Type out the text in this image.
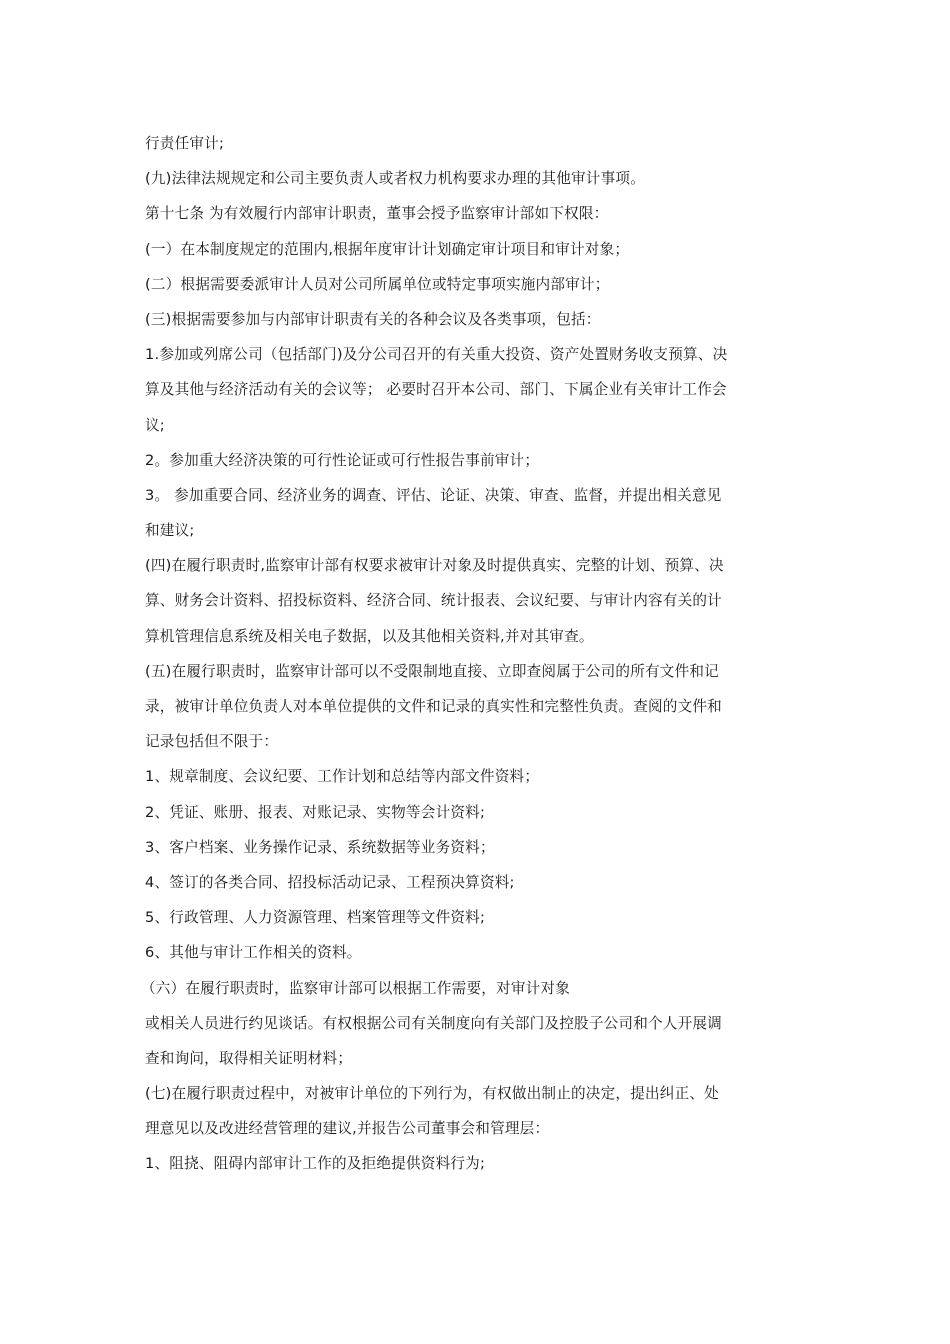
行责任审计;
(九)法律法规规定和公司主要负责人或者权力机构要求办理的其他审计事项。
第十七条 为有效履行内部审计职责，董事会授予监察审计部如下权限：
(一）在本制度规定的范围内,根据年度审计计划确定审计项目和审计对象；
(二）根据需要委派审计人员对公司所属单位或特定事项实施内部审计；
(三)根据需要参加与内部审计职责有关的各种会议及各类事项，包括：
1.参加或列席公司（包括部门)及分公司召开的有关重大投资、资产处置财务收支预算、决
算及其他与经济活动有关的会议等； 必要时召开本公司、部门、下属企业有关审计工作会
议;
2。参加重大经济决策的可行性论证或可行性报告事前审计；
3。 参加重要合同、经济业务的调查、评估、论证、决策、审查、监督，并提出相关意见
和建议;
(四)在履行职责时,监察审计部有权要求被审计对象及时提供真实、完整的计划、预算、决
算、财务会计资料、招投标资料、经济合同、统计报表、会议纪要、与审计内容有关的计
算机管理信息系统及相关电子数据，以及其他相关资料,并对其审查。
(五)在履行职责时，监察审计部可以不受限制地直接、立即查阅属于公司的所有文件和记
录，被审计单位负责人对本单位提供的文件和记录的真实性和完整性负责。查阅的文件和
记录包括但不限于：
1、规章制度、会议纪要、工作计划和总结等内部文件资料；
2、凭证、账册、报表、对账记录、实物等会计资料;
3、客户档案、业务操作记录、系统数据等业务资料；
4、签订的各类合同、招投标活动记录、工程预决算资料;
5、行政管理、人力资源管理、档案管理等文件资料;
6、其他与审计工作相关的资料。
（六）在履行职责时，监察审计部可以根据工作需要，对审计对象
或相关人员进行约见谈话。有权根据公司有关制度向有关部门及控股子公司和个人开展调
查和询问，取得相关证明材料；
(七)在履行职责过程中，对被审计单位的下列行为，有权做出制止的决定，提出纠正、处
理意见以及改进经营管理的建议,并报告公司董事会和管理层：
1、阻挠、阻碍内部审计工作的及拒绝提供资料行为;
